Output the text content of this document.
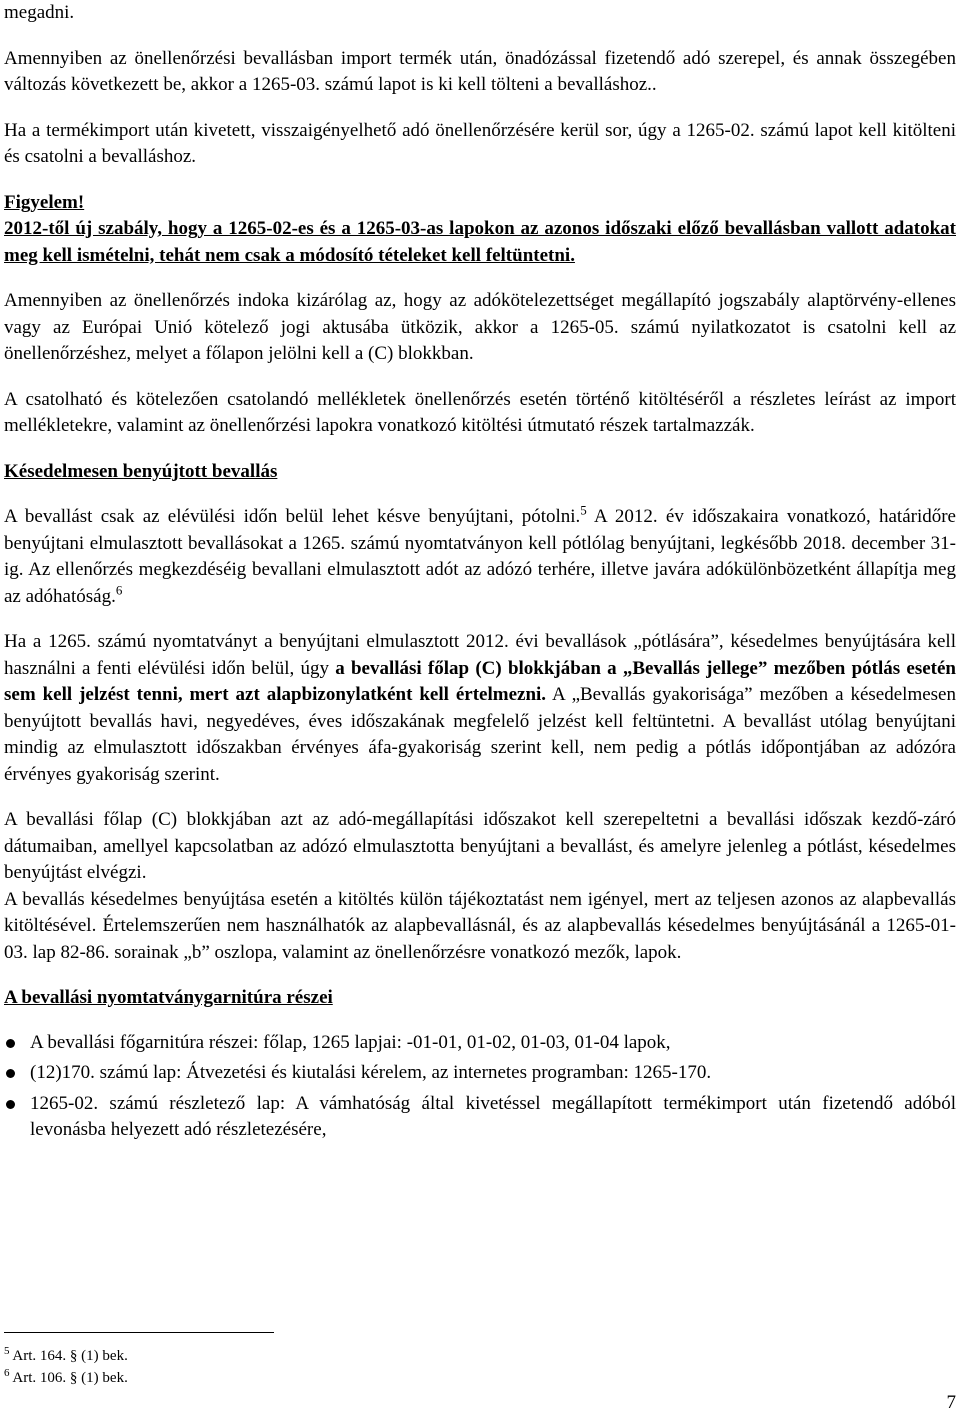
megadni.

Amennyiben az önellenőrzési bevallásban import termék után, önadózással fizetendő adó szerepel, és annak összegében változás következett be, akkor a 1265-03. számú lapot is ki kell tölteni a bevalláshoz..

Ha a termékimport után kivetett, visszaigényelhető adó önellenőrzésére kerül sor, úgy a 1265-02. számú lapot kell kitölteni és csatolni a bevalláshoz.

Figyelem!

2012-től új szabály, hogy a 1265-02-es és a 1265-03-as lapokon az azonos időszaki előző bevallásban vallott adatokat meg kell ismételni, tehát nem csak a módosító tételeket kell feltüntetni.

Amennyiben az önellenőrzés indoka kizárólag az, hogy az adókötelezettséget megállapító jogszabály alaptörvény-ellenes vagy az Európai Unió kötelező jogi aktusába ütközik, akkor a 1265-05. számú nyilatkozatot is csatolni kell az önellenőrzéshez, melyet a főlapon jelölni kell a (C) blokkban.

A csatolható és kötelezően csatolandó mellékletek önellenőrzés esetén történő kitöltéséről a részletes leírást az import mellékletekre, valamint az önellenőrzési lapokra vonatkozó kitöltési útmutató részek tartalmazzák.

Késedelmesen benyújtott bevallás

A bevallást csak az elévülési időn belül lehet késve benyújtani, pótolni.$^5$ A 2012. év időszakaira vonatkozó, határidőre benyújtani elmulasztott bevallásokat a 1265. számú nyomtatványon kell pótlólag benyújtani, legkésőbb 2018. december 31-ig. Az ellenőrzés megkezdéséig bevallani elmulasztott adót az adózó terhére, illetve javára adókülönbözetként állapítja meg az adóhatóság.$^6$

Ha a 1265. számú nyomtatványt a benyújtani elmulasztott 2012. évi bevallások „pótlására”, késedelmes benyújtására kell használni a fenti elévülési időn belül, úgy a bevallási főlap (C) blokkjában a „Bevallás jellege” mezőben pótlás esetén sem kell jelzést tenni, mert azt alapbizonylatként kell értelmezni. A „Bevallás gyakorisága” mezőben a késedelmesen benyújtott bevallás havi, negyedéves, éves időszakának megfelelő jelzést kell feltüntetni. A bevallást utólag benyújtani mindig az elmulasztott időszakban érvényes áfa-gyakoriság szerint kell, nem pedig a pótlás időpontjában az adózóra érvényes gyakoriság szerint.

A bevallási főlap (C) blokkjában azt az adó-megállapítási időszakot kell szerepeltetni a bevallási időszak kezdő-záró dátumaiban, amellyel kapcsolatban az adózó elmulasztotta benyújtani a bevallást, és amelyre jelenleg a pótlást, késedelmes benyújtást elvégzi.

A bevallás késedelmes benyújtása esetén a kitöltés külön tájékoztatást nem igényel, mert az teljesen azonos az alapbevallás kitöltésével. Értelemszerűen nem használhatók az alapbevallásnál, és az alapbevallás késedelmes benyújtásánál a 1265-01-03. lap 82-86. sorainak „b” oszlopa, valamint az önellenőrzésre vonatkozó mezők, lapok.

A bevallási nyomtatványgarnitúra részei

A bevallási főgarnitúra részei: főlap, 1265 lapjai: -01-01, 01-02, 01-03, 01-04 lapok,
(12)170. számú lap: Átvezetési és kiutalási kérelem, az internetes programban: 1265-170.
1265-02. számú részletező lap: A vámhatóság által kivetéssel megállapított termékimport után fizetendő adóból levonásba helyezett adó részletezésére,
$^5$ Art. 164. § (1) bek.
$^6$ Art. 106. § (1) bek.
7
